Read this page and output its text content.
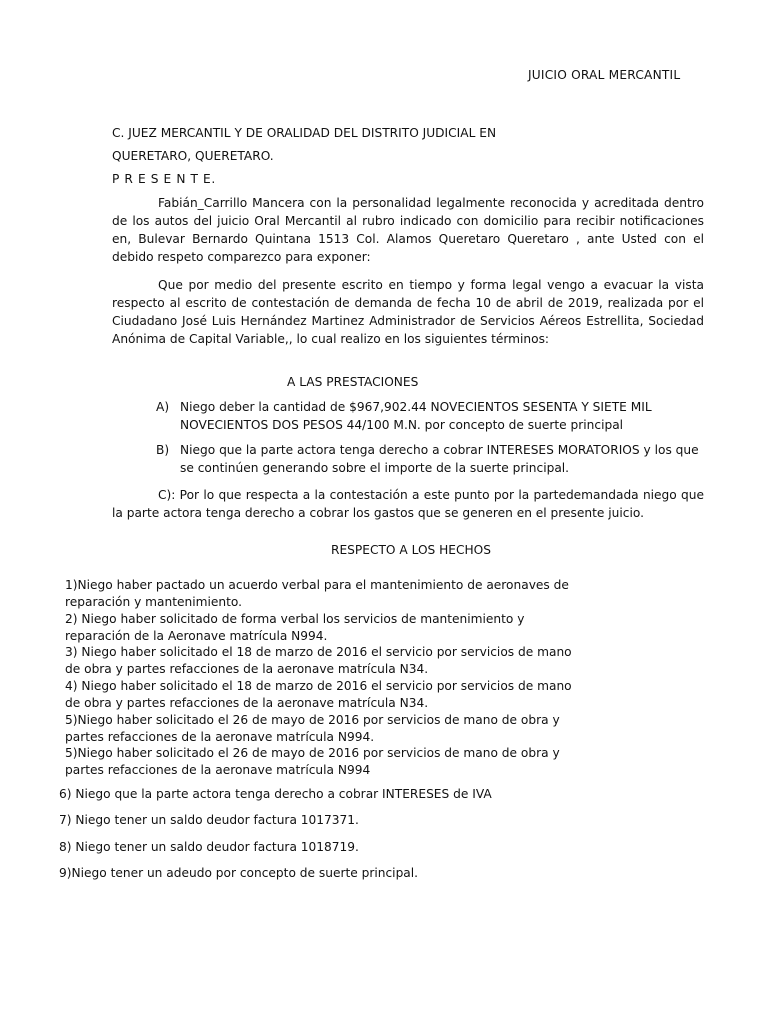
JUICIO ORAL MERCANTIL
C. JUEZ MERCANTIL Y DE ORALIDAD DEL DISTRITO JUDICIAL EN
QUERETARO, QUERETARO.
P R E S E N T E.
Fabián_Carrillo Mancera con la personalidad legalmente reconocida y acreditada dentro de los autos del juicio Oral Mercantil al rubro indicado con domicilio para recibir notificaciones en, Bulevar Bernardo Quintana 1513 Col. Alamos Queretaro Queretaro , ante Usted con el debido respeto comparezco para exponer:
Que por medio del presente escrito en tiempo y forma legal vengo a evacuar la vista respecto al escrito de contestación de demanda de fecha 10 de abril de 2019, realizada por el Ciudadano José Luis Hernández Martinez Administrador de Servicios Aéreos Estrellita, Sociedad Anónima de Capital Variable,, lo cual realizo en los siguientes términos:
A LAS PRESTACIONES
A) Niego deber la cantidad de $967,902.44 NOVECIENTOS SESENTA Y SIETE MIL NOVECIENTOS DOS PESOS 44/100 M.N. por concepto de suerte principal
B) Niego que la parte actora tenga derecho a cobrar INTERESES MORATORIOS y los que se continúen generando sobre el importe de la suerte principal.
C): Por lo que respecta a la contestación a este punto por la partedemandada niego que la parte actora tenga derecho a cobrar los gastos que se generen en el presente juicio.
RESPECTO A LOS HECHOS
1)Niego haber pactado un acuerdo verbal para el mantenimiento de aeronaves de reparación y mantenimiento.
2) Niego haber solicitado de forma verbal los servicios de mantenimiento y reparación de la Aeronave matrícula N994.
3) Niego haber solicitado el 18 de marzo de 2016 el servicio por servicios de mano de obra y partes refacciones de la aeronave matrícula N34.
4) Niego haber solicitado el 18 de marzo de 2016 el servicio por servicios de mano de obra y partes refacciones de la aeronave matrícula N34.
5)Niego haber solicitado el 26 de mayo de 2016 por servicios de mano de obra y partes refacciones de la aeronave matrícula N994.
5)Niego haber solicitado el 26 de mayo de 2016 por servicios de mano de obra y partes refacciones de la aeronave matrícula N994
6) Niego que la parte actora tenga derecho a cobrar INTERESES de IVA
7) Niego tener un saldo deudor factura 1017371.
8) Niego tener un saldo deudor factura 1018719.
9)Niego tener un adeudo por concepto de suerte principal.
